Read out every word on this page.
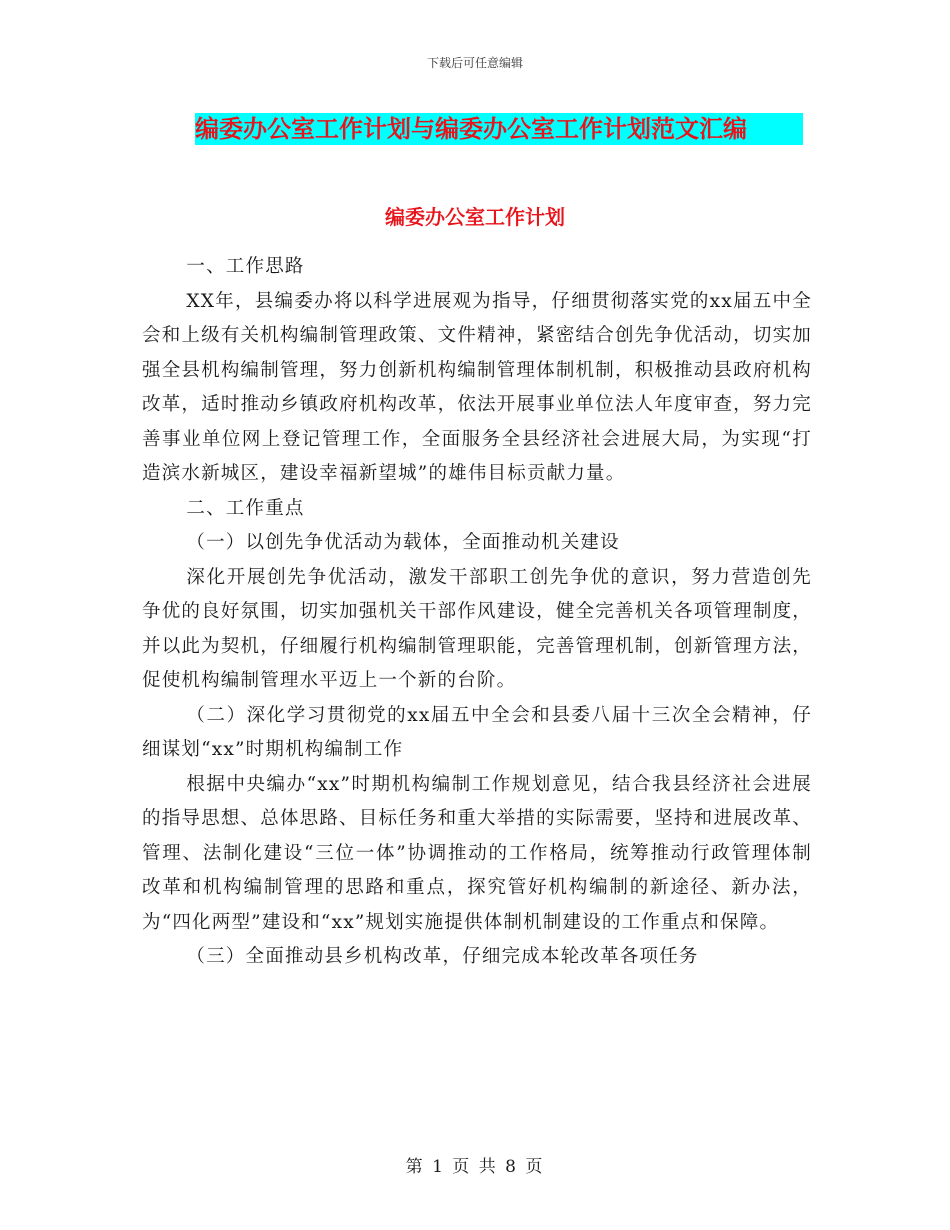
下载后可任意编辑
编委办公室工作计划与编委办公室工作计划范文汇编
编委办公室工作计划

一、工作思路

XX年，县编委办将以科学进展观为指导，仔细贯彻落实党的xx届五中全会和上级有关机构编制管理政策、文件精神，紧密结合创先争优活动，切实加强全县机构编制管理，努力创新机构编制管理体制机制，积极推动县政府机构改革，适时推动乡镇政府机构改革，依法开展事业单位法人年度审查，努力完善事业单位网上登记管理工作，全面服务全县经济社会进展大局，为实现“打造滨水新城区，建设幸福新望城”的雄伟目标贡献力量。

二、工作重点

（一）以创先争优活动为载体，全面推动机关建设

深化开展创先争优活动，激发干部职工创先争优的意识，努力营造创先争优的良好氛围，切实加强机关干部作风建设，健全完善机关各项管理制度，并以此为契机，仔细履行机构编制管理职能，完善管理机制，创新管理方法，促使机构编制管理水平迈上一个新的台阶。

（二）深化学习贯彻党的xx届五中全会和县委八届十三次全会精神，仔细谋划“xx”时期机构编制工作

根据中央编办“xx”时期机构编制工作规划意见，结合我县经济社会进展的指导思想、总体思路、目标任务和重大举措的实际需要，坚持和进展改革、管理、法制化建设“三位一体”协调推动的工作格局，统筹推动行政管理体制改革和机构编制管理的思路和重点，探究管好机构编制的新途径、新办法，为“四化两型”建设和“xx”规划实施提供体制机制建设的工作重点和保障。

（三）全面推动县乡机构改革，仔细完成本轮改革各项任务

第 1 页 共 8 页
